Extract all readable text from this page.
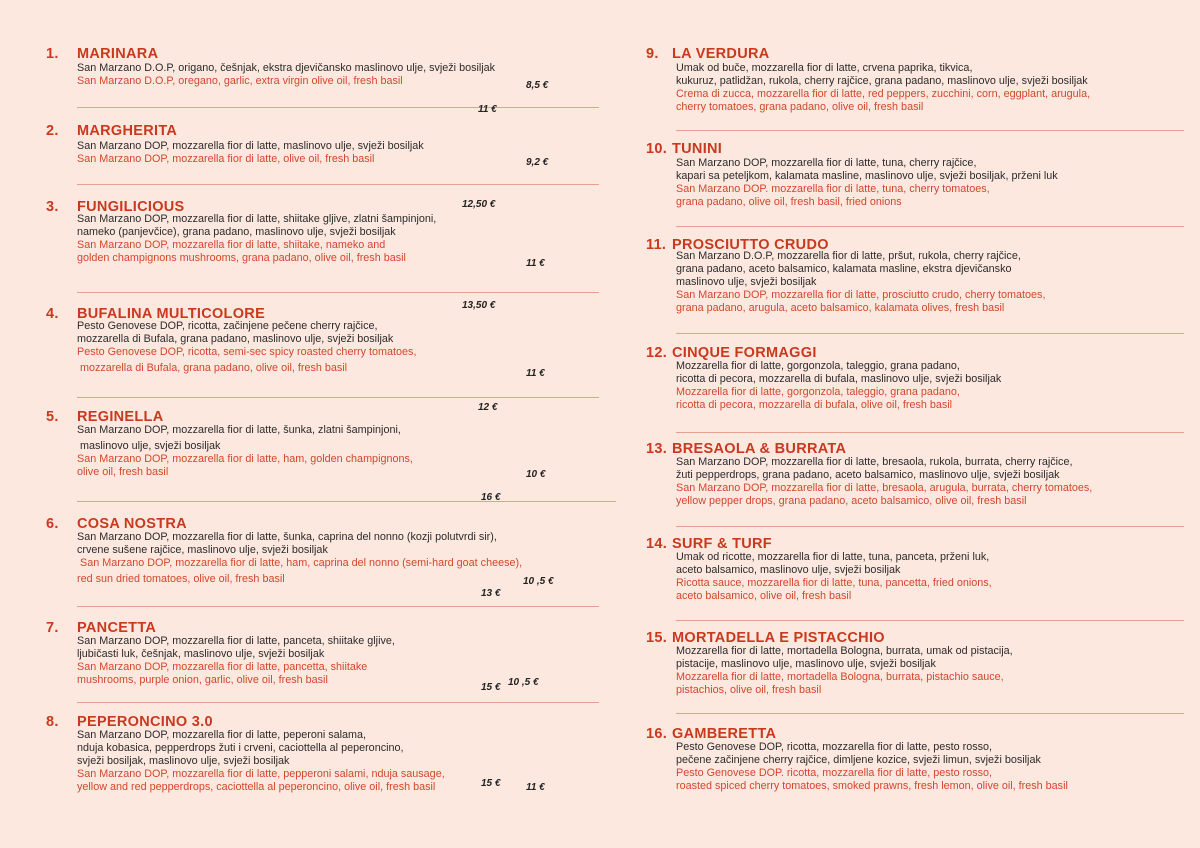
1. MARINARA
San Marzano D.O.P, origano, češnjak, ekstra djevičansko maslinovo ulje, svježi bosiljak
San Marzano D.O.P, oregano, garlic, extra virgin olive oil, fresh basil	8,5 €
2. MARGHERITA
San Marzano DOP, mozzarella fior di latte, maslinovo ulje, svježi bosiljak
San Marzano DOP, mozzarella fior di latte, olive oil, fresh basil	9,2 €
3. FUNGILICIOUS
San Marzano DOP, mozzarella fior di latte, shiitake gljive, zlatni šampinjoni,
nameko (panjevčice), grana padano, maslinovo ulje, svježi bosiljak
San Marzano DOP, mozzarella fior di latte, shiitake, nameko and
golden champignons mushrooms, grana padano, olive oil, fresh basil	11 €
4. BUFALINA MULTICOLORE
Pesto Genovese DOP, ricotta, začinjene pečene cherry rajčice,
mozzarella di Bufala, grana padano, maslinovo ulje, svježi bosiljak
Pesto Genovese DOP, ricotta, semi-sec spicy roasted cherry tomatoes,
mozzarella di Bufala, grana padano, olive oil, fresh basil	11 €
5. REGINELLA
San Marzano DOP, mozzarella fior di latte, šunka, zlatni šampinjoni,
maslinovo ulje, svježi bosiljak
San Marzano DOP, mozzarella fior di latte, ham, golden champignons,
olive oil, fresh basil	10 €
6. COSA NOSTRA
San Marzano DOP, mozzarella fior di latte, šunka, caprina del nonno (kozji polutvrdi sir),
crvene sušene rajčice, maslinovo ulje, svježi bosiljak
San Marzano DOP, mozzarella fior di latte, ham, caprina del nonno (semi-hard goat cheese),
red sun dried tomatoes, olive oil, fresh basil	10 ,5 €
7. PANCETTA
San Marzano DOP, mozzarella fior di latte, panceta, shiitake gljive,
ljubičasti luk, češnjak, maslinovo ulje, svježi bosiljak
San Marzano DOP, mozzarella fior di latte, pancetta, shiitake
mushrooms, purple onion, garlic, olive oil, fresh basil	10 ,5 €
8. PEPERONCINO 3.0
San Marzano DOP, mozzarella fior di latte, peperoni salama,
nduja kobasica, pepperdrops žuti i crveni, caciottella al peperoncino,
svježi bosiljak, maslinovo ulje, svježi bosiljak
San Marzano DOP, mozzarella fior di latte, pepperoni salami, nduja sausage,
yellow and red pepperdrops, caciottella al peperoncino, olive oil, fresh basil	11 €
9. LA VERDURA
Umak od buče, mozzarella fior di latte, crvena paprika, tikvica,
kukuruz, patlidžan, rukola, cherry rajčice, grana padano, maslinovo ulje, svježi bosiljak
Crema di zucca, mozzarella fior di latte, red peppers, zucchini, corn, eggplant, arugula,
cherry tomatoes, grana padano, olive oil, fresh basil
11 €
10. TUNINI
San Marzano DOP, mozzarella fior di latte, tuna, cherry rajčice,
kapari sa peteljkom, kalamata masline, maslinovo ulje, svježi bosiljak, prženi luk
San Marzano DOP. mozzarella fior di latte, tuna, cherry tomatoes,
grana padano, olive oil, fresh basil, fried onions
12,50 €
11. PROSCIUTTO CRUDO
San Marzano D.O.P, mozzarella fior di latte, pršut, rukola, cherry rajčice,
grana padano, aceto balsamico, kalamata masline, ekstra djevičansko
maslinovo ulje, svježi bosiljak
San Marzano DOP, mozzarella fior di latte, prosciutto crudo, cherry tomatoes,
grana padano, arugula, aceto balsamico, kalamata olives, fresh basil
13,50 €
12. CINQUE FORMAGGI
Mozzarella fior di latte, gorgonzola, taleggio, grana padano,
ricotta di pecora, mozzarella di bufala, maslinovo ulje, svježi bosiljak
Mozzarella fior di latte, gorgonzola, taleggio, grana padano,
ricotta di pecora, mozzarella di bufala, olive oil, fresh basil
12 €
13. BRESAOLA & BURRATA
San Marzano DOP, mozzarella fior di latte, bresaola, rukola, burrata, cherry rajčice,
žuti pepperdrops, grana padano, aceto balsamico, maslinovo ulje, svježi bosiljak
San Marzano DOP, mozzarella fior di latte, bresaola, arugula, burrata, cherry tomatoes,
yellow pepper drops, grana padano, aceto balsamico, olive oil, fresh basil
16 €
14. SURF & TURF
Umak od ricotte, mozzarella fior di latte, tuna, panceta, prženi luk,
aceto balsamico, maslinovo ulje, svježi bosiljak
Ricotta sauce, mozzarella fior di latte, tuna, pancetta, fried onions,
aceto balsamico, olive oil, fresh basil
13 €
15. MORTADELLA E PISTACCHIO
Mozzarella fior di latte, mortadella Bologna, burrata, umak od pistacija,
pistacije, maslinovo ulje, maslinovo ulje, svježi bosiljak
Mozzarella fior di latte, mortadella Bologna, burrata, pistachio sauce,
pistachios, olive oil, fresh basil
15 €
16. GAMBERETTA
Pesto Genovese DOP, ricotta, mozzarella fior di latte, pesto rosso,
pečene začinjene cherry rajčice, dimljene kozice, svježi limun, svježi bosiljak
Pesto Genovese DOP. ricotta, mozzarella fior di latte, pesto rosso,
roasted spiced cherry tomatoes, smoked prawns, fresh lemon, olive oil, fresh basil
15 €
